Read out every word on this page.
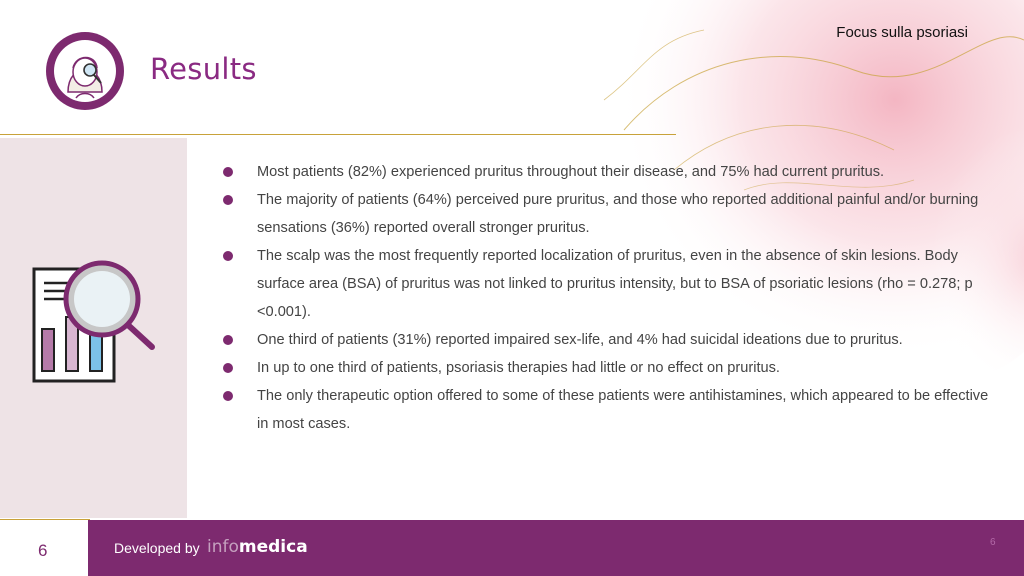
Results
Focus sulla psoriasi
Most patients (82%) experienced pruritus throughout their disease, and 75% had current pruritus.
The majority of patients (64%) perceived pure pruritus, and those who reported additional painful and/or burning sensations (36%) reported overall stronger pruritus.
The scalp was the most frequently reported localization of pruritus, even in the absence of skin lesions. Body surface area (BSA) of pruritus was not linked to pruritus intensity, but to BSA of psoriatic lesions (rho = 0.278; p <0.001).
One third of patients (31%) reported impaired sex-life, and 4% had suicidal ideations due to pruritus.
In up to one third of patients, psoriasis therapies had little or no effect on pruritus.
The only therapeutic option offered to some of these patients were antihistamines, which appeared to be effective in most cases.
6	Developed by infomedica	6
